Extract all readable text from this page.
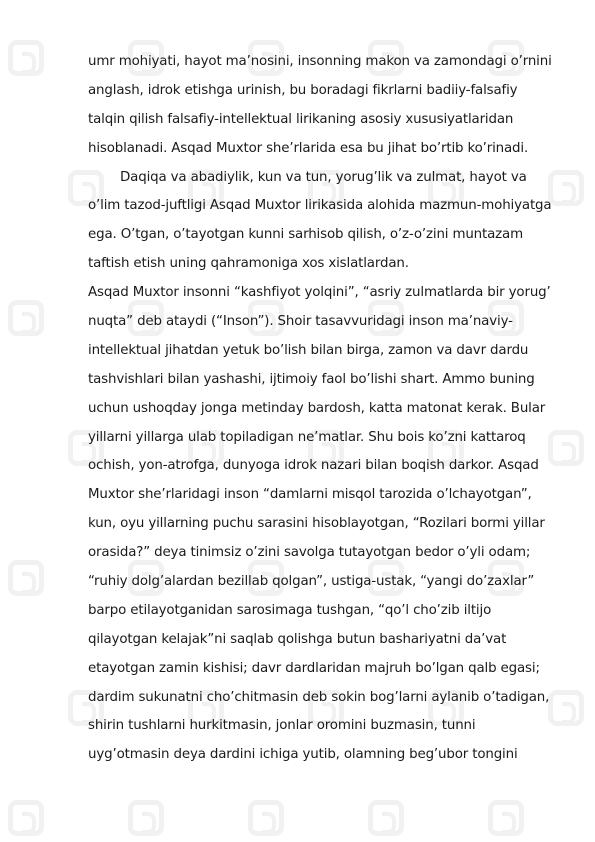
umr mohiyati, hayot ma’nosini, insonning makon va zamondagi o’rnini
anglash, idrok etishga urinish, bu boradagi fikrlarni badiiy-falsafiy
talqin qilish falsafiy-intellektual lirikaning asosiy xususiyatlaridan
hisoblanadi. Asqad Muxtor she’rlarida esa bu jihat bo’rtib ko’rinadi.
Daqiqa va abadiylik, kun va tun, yorug’lik va zulmat, hayot va
o’lim tazod-juftligi Asqad Muxtor lirikasida alohida mazmun-mohiyatga
ega. O’tgan, o’tayotgan kunni sarhisob qilish, o’z-o’zini muntazam
taftish etish uning qahramoniga xos xislatlardan.
Asqad Muxtor insonni “kashfiyot yolqini”, “asriy zulmatlarda bir yorug’
nuqta” deb ataydi (“Inson”). Shoir tasavvuridagi inson ma’naviy-
intellektual jihatdan yetuk bo’lish bilan birga, zamon va davr dardu
tashvishlari bilan yashashi, ijtimoiy faol bo’lishi shart. Ammo buning
uchun ushoqday jonga metinday bardosh, katta matonat kerak. Bular
yillarni yillarga ulab topiladigan ne’matlar. Shu bois ko’zni kattaroq
ochish, yon-atrofga, dunyoga idrok nazari bilan boqish darkor. Asqad
Muxtor she’rlaridagi inson “damlarni misqol tarozida o’lchayotgan”,
kun, oyu yillarning puchu sarasini hisoblayotgan, “Rozilari bormi yillar
orasida?” deya tinimsiz o’zini savolga tutayotgan bedor o’yli odam;
“ruhiy dolg’alardan bezillab qolgan”, ustiga-ustak, “yangi do’zaxlar”
barpo etilayotganidan sarosimaga tushgan, “qo’l cho’zib iltijo
qilayotgan kelajak”ni saqlab qolishga butun bashariyatni da’vat
etayotgan zamin kishisi; davr dardlaridan majruh bo’lgan qalb egasi;
dardim sukunatni cho’chitmasin deb sokin bog’larni aylanib o’tadigan,
shirin tushlarni hurkitmasin, jonlar oromini buzmasin, tunni
uyg’otmasin deya dardini ichiga yutib, olamning beg’ubor tongini
